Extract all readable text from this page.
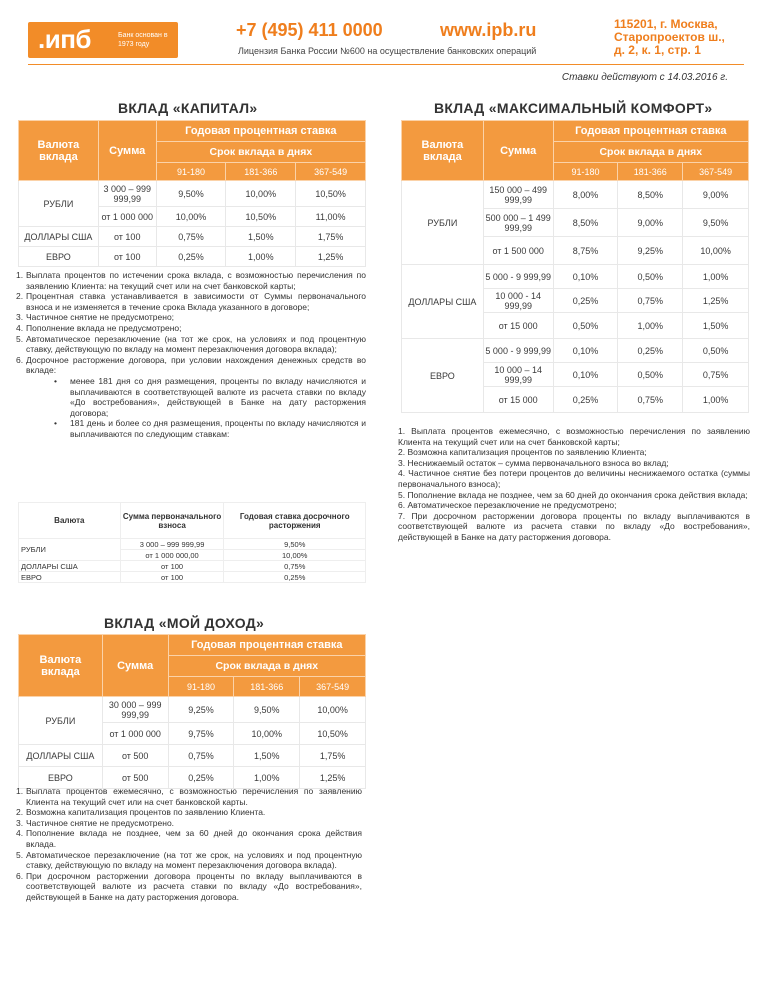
.ипб	Банк основан в 1973 году
+7 (495) 411 0000	www.ipb.ru
Лицензия Банка России №600 на осуществление банковских операций
115201, г. Москва,
Старопроектов ш.,
д. 2, к. 1, стр. 1
Ставки действуют с 14.03.2016 г.
ВКЛАД «КАПИТАЛ»
Валюта вклада	Сумма	Годовая процентная ставка		
		Срок вклада в днях		
		91-180	181-366	367-549
РУБЛИ	3 000 – 999 999,99	9,50%	10,00%	10,50%
	от 1 000 000	10,00%	10,50%	11,00%
ДОЛЛАРЫ США	от 100	0,75%	1,50%	1,75%
ЕВРО	от 100	0,25%	1,00%	1,25%
1. Выплата процентов по истечении срока вклада, с возможностью перечисления по заявлению Клиента: на текущий счет или на счет банковской карты;
2. Процентная ставка устанавливается в зависимости от Суммы первоначального взноса и не изменяется в течение срока Вклада указанного в договоре;
3. Частичное снятие не предусмотрено;
4. Пополнение вклада не предусмотрено;
5. Автоматическое перезаключение (на тот же срок, на условиях и под процентную ставку, действующую по вкладу на момент перезаключения договора вклада);
6. Досрочное расторжение договора, при условии нахождения денежных средств во вкладе:
•	менее 181 дня со дня размещения, проценты по вкладу начисляются и выплачиваются в соответствующей валюте из расчета ставки по вкладу «До востребования», действующей в Банке на дату расторжения договора;
•	181 день и более со дня размещения, проценты по вкладу начисляются и выплачиваются по следующим ставкам:
Валюта	Сумма первоначального взноса	Годовая ставка досрочного расторжения
РУБЛИ	3 000 – 999 999,99	9,50%
	от 1 000 000,00	10,00%
ДОЛЛАРЫ США	от 100	0,75%
ЕВРО	от 100	0,25%
ВКЛАД «МАКСИМАЛЬНЫЙ КОМФОРТ»
Валюта вклада	Сумма	Годовая процентная ставка		
		Срок вклада в днях		
		91-180	181-366	367-549
РУБЛИ	150 000 – 499 999,99	8,00%	8,50%	9,00%
	500 000 – 1 499 999,99	8,50%	9,00%	9,50%
	от 1 500 000	8,75%	9,25%	10,00%
ДОЛЛАРЫ США	5 000 - 9 999,99	0,10%	0,50%	1,00%
	10 000 - 14 999,99	0,25%	0,75%	1,25%
	от 15 000	0,50%	1,00%	1,50%
ЕВРО	5 000 - 9 999,99	0,10%	0,25%	0,50%
	10 000 – 14 999,99	0,10%	0,50%	0,75%
	от 15 000	0,25%	0,75%	1,00%
1. Выплата процентов ежемесячно, с возможностью перечисления по заявлению Клиента на текущий счет или на счет банковской карты;
2. Возможна капитализация процентов по заявлению Клиента;
3. Неснижаемый остаток – сумма первоначального взноса во вклад;
4. Частичное снятие без потери процентов до величины неснижаемого остатка (суммы первоначального взноса);
5. Пополнение вклада не позднее, чем за 60 дней до окончания срока действия вклада;
6. Автоматическое перезаключение не предусмотрено;
7. При досрочном расторжении договора проценты по вкладу выплачиваются в соответствующей валюте из расчета ставки по вкладу «До востребования», действующей в Банке на дату расторжения договора.
ВКЛАД «МОЙ ДОХОД»
Валюта вклада	Сумма	Годовая процентная ставка		
		Срок вклада в днях		
		91-180	181-366	367-549
РУБЛИ	30 000 – 999 999,99	9,25%	9,50%	10,00%
	от 1 000 000	9,75%	10,00%	10,50%
ДОЛЛАРЫ США	от 500	0,75%	1,50%	1,75%
ЕВРО	от 500	0,25%	1,00%	1,25%
1. Выплата процентов ежемесячно, с возможностью перечисления по заявлению Клиента на текущий счет или на счет банковской карты.
2. Возможна капитализация процентов по заявлению Клиента.
3. Частичное снятие не предусмотрено.
4. Пополнение вклада не позднее, чем за 60 дней до окончания срока действия вклада.
5. Автоматическое перезаключение (на тот же срок, на условиях и под процентную ставку, действующую по вкладу на момент перезаключения договора вклада).
6. При досрочном расторжении договора проценты по вкладу выплачиваются в соответствующей валюте из расчета ставки по вкладу «До востребования», действующей в Банке на дату расторжения договора.
